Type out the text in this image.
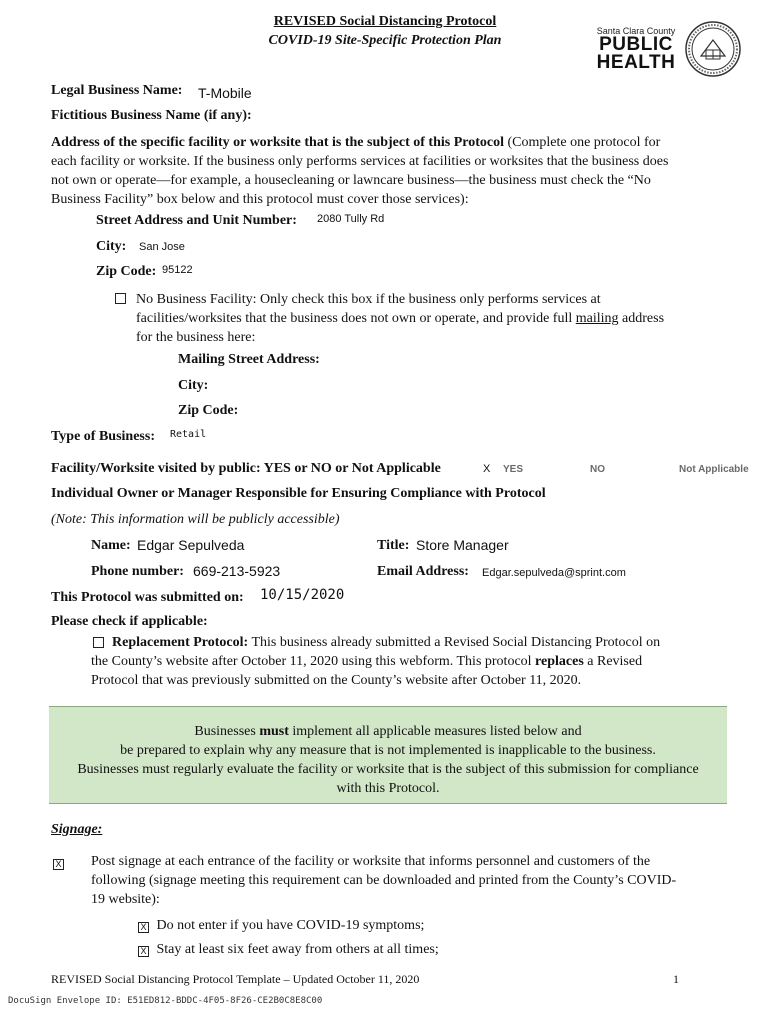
REVISED Social Distancing Protocol
COVID-19 Site-Specific Protection Plan
Santa Clara County
PUBLIC
HEALTH
Legal Business Name: T-Mobile
Fictitious Business Name (if any):
Address of the specific facility or worksite that is the subject of this Protocol (Complete one protocol for
each facility or worksite. If the business only performs services at facilities or worksites that the business does
not own or operate—for example, a housecleaning or lawncare business—the business must check the “No
Business Facility” box below and this protocol must cover those services):
Street Address and Unit Number: 2080 Tully Rd
City: San Jose
Zip Code: 95122
No Business Facility: Only check this box if the business only performs services at
facilities/worksites that the business does not own or operate, and provide full mailing address
for the business here:
Mailing Street Address:
City:
Zip Code:
Type of Business: Retail
Facility/Worksite visited by public: YES or NO or Not Applicable	X YES	NO	Not Applicable
Individual Owner or Manager Responsible for Ensuring Compliance with Protocol
(Note: This information will be publicly accessible)
Name: Edgar Sepulveda	Title: Store Manager
Phone number: 669-213-5923	Email Address: Edgar.sepulveda@sprint.com
This Protocol was submitted on: 10/15/2020
Please check if applicable:
Replacement Protocol: This business already submitted a Revised Social Distancing Protocol on
the County’s website after October 11, 2020 using this webform. This protocol replaces a Revised
Protocol that was previously submitted on the County’s website after October 11, 2020.
Businesses must implement all applicable measures listed below and
be prepared to explain why any measure that is not implemented is inapplicable to the business.
Businesses must regularly evaluate the facility or worksite that is the subject of this submission for compliance
with this Protocol.
Signage:
X Post signage at each entrance of the facility or worksite that informs personnel and customers of the
following (signage meeting this requirement can be downloaded and printed from the County’s COVID-
19 website):
X Do not enter if you have COVID-19 symptoms;
X Stay at least six feet away from others at all times;
REVISED Social Distancing Protocol Template – Updated October 11, 2020	1
DocuSign Envelope ID: E51ED812-BDDC-4F05-8F26-CE2B0C8E8C00
